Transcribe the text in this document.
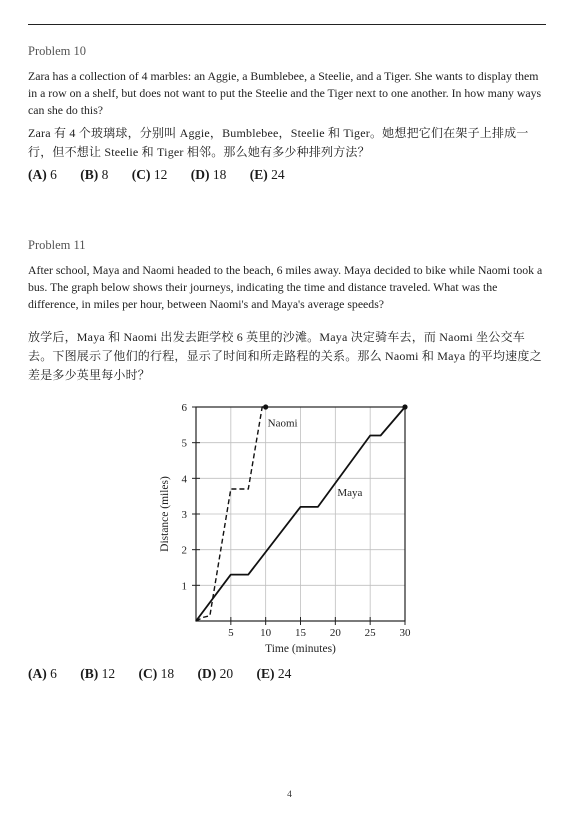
Problem 10
Zara has a collection of 4 marbles: an Aggie, a Bumblebee, a Steelie, and a Tiger. She wants to display them in a row on a shelf, but does not want to put the Steelie and the Tiger next to one another. In how many ways can she do this?
Zara 有 4 个玻璃球，分别叫 Aggie，Bumblebee，Steelie 和 Tiger。她想把它们在架子上排成一行，但不想让 Steelie 和 Tiger 相邻。那么她有多少种排列方法？
(A) 6 (B) 8 (C) 12 (D) 18 (E) 24
Problem 11
After school, Maya and Naomi headed to the beach, 6 miles away. Maya decided to bike while Naomi took a bus. The graph below shows their journeys, indicating the time and distance traveled. What was the difference, in miles per hour, between Naomi's and Maya's average speeds?
放学后，Maya 和 Naomi 出发去距学校 6 英里的沙滩。Maya 决定骑车去，而 Naomi 坐公交车去。下图展示了他们的行程，显示了时间和所走路程的关系。那么 Naomi 和 Maya 的平均速度之差是多少英里每小时？
5 10 15 20 25 30
1
2
3
4
5
6
Naomi
Maya
Time (minutes)
Distance (miles)
(A) 6 (B) 12 (C) 18 (D) 20 (E) 24
4
